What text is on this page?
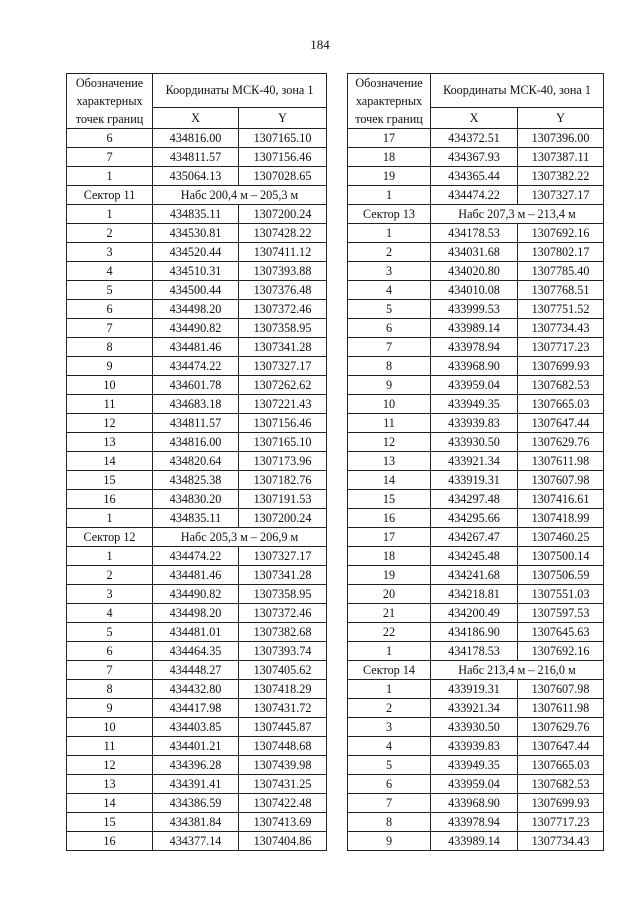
184
Обозначение характерных точек границ	Координаты МСК-40, зона 1	
	X	Y
6	434816.00	1307165.10
7	434811.57	1307156.46
1	435064.13	1307028.65
Сектор 11	Набс 200,4 м – 205,3 м	
1	434835.11	1307200.24
2	434530.81	1307428.22
3	434520.44	1307411.12
4	434510.31	1307393.88
5	434500.44	1307376.48
6	434498.20	1307372.46
7	434490.82	1307358.95
8	434481.46	1307341.28
9	434474.22	1307327.17
10	434601.78	1307262.62
11	434683.18	1307221.43
12	434811.57	1307156.46
13	434816.00	1307165.10
14	434820.64	1307173.96
15	434825.38	1307182.76
16	434830.20	1307191.53
1	434835.11	1307200.24
Сектор 12	Набс 205,3 м – 206,9 м	
1	434474.22	1307327.17
2	434481.46	1307341.28
3	434490.82	1307358.95
4	434498.20	1307372.46
5	434481.01	1307382.68
6	434464.35	1307393.74
7	434448.27	1307405.62
8	434432.80	1307418.29
9	434417.98	1307431.72
10	434403.85	1307445.87
11	434401.21	1307448.68
12	434396.28	1307439.98
13	434391.41	1307431.25
14	434386.59	1307422.48
15	434381.84	1307413.69
16	434377.14	1307404.86
Обозначение характерных точек границ	Координаты МСК-40, зона 1	
	X	Y
17	434372.51	1307396.00
18	434367.93	1307387.11
19	434365.44	1307382.22
1	434474.22	1307327.17
Сектор 13	Набс 207,3 м – 213,4 м	
1	434178.53	1307692.16
2	434031.68	1307802.17
3	434020.80	1307785.40
4	434010.08	1307768.51
5	433999.53	1307751.52
6	433989.14	1307734.43
7	433978.94	1307717.23
8	433968.90	1307699.93
9	433959.04	1307682.53
10	433949.35	1307665.03
11	433939.83	1307647.44
12	433930.50	1307629.76
13	433921.34	1307611.98
14	433919.31	1307607.98
15	434297.48	1307416.61
16	434295.66	1307418.99
17	434267.47	1307460.25
18	434245.48	1307500.14
19	434241.68	1307506.59
20	434218.81	1307551.03
21	434200.49	1307597.53
22	434186.90	1307645.63
1	434178.53	1307692.16
Сектор 14	Набс 213,4 м – 216,0 м	
1	433919.31	1307607.98
2	433921.34	1307611.98
3	433930.50	1307629.76
4	433939.83	1307647.44
5	433949.35	1307665.03
6	433959.04	1307682.53
7	433968.90	1307699.93
8	433978.94	1307717.23
9	433989.14	1307734.43
